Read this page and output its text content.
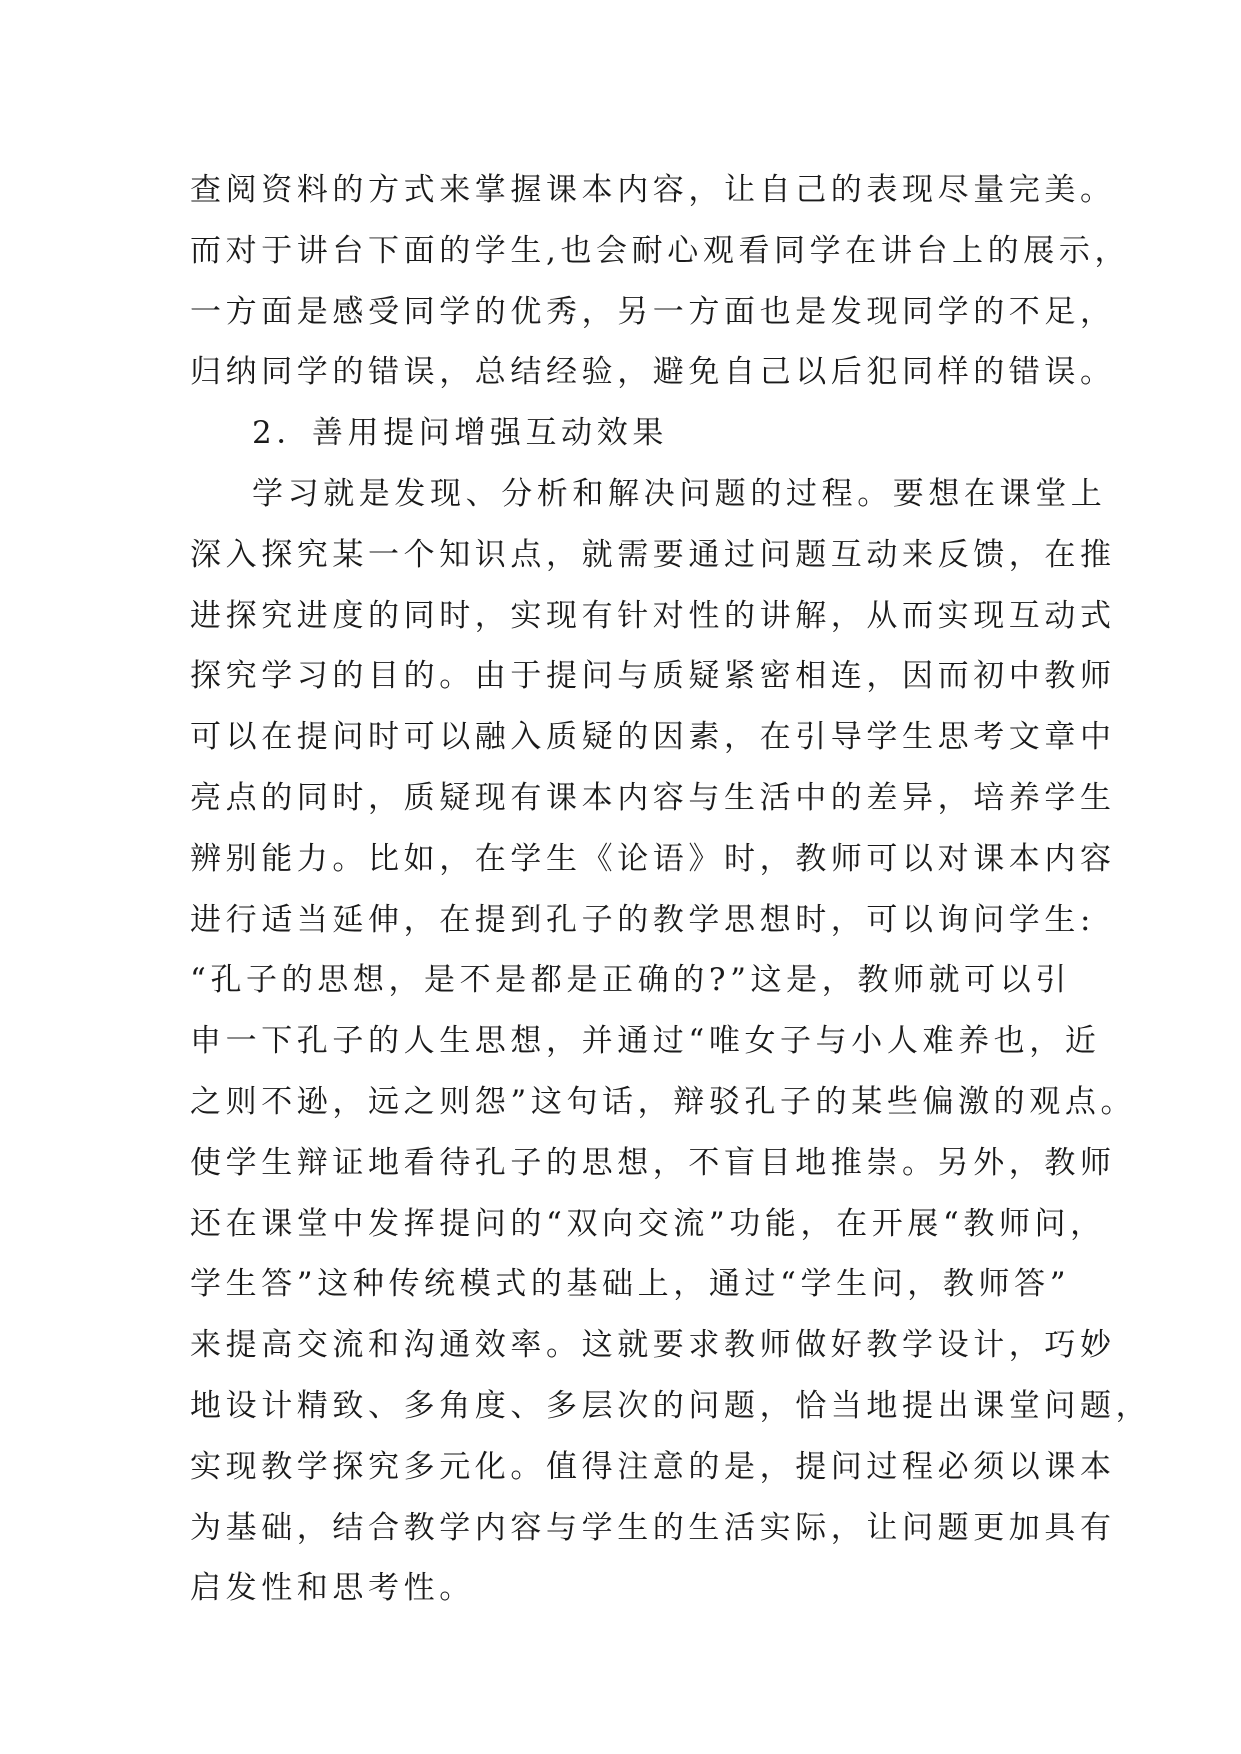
查阅资料的方式来掌握课本内容，让自己的表现尽量完美。
而对于讲台下面的学生,也会耐心观看同学在讲台上的展示，
一方面是感受同学的优秀，另一方面也是发现同学的不足，
归纳同学的错误，总结经验，避免自己以后犯同样的错误。
2．善用提问增强互动效果
学习就是发现、分析和解决问题的过程。要想在课堂上
深入探究某一个知识点，就需要通过问题互动来反馈，在推
进探究进度的同时，实现有针对性的讲解，从而实现互动式
探究学习的目的。由于提问与质疑紧密相连，因而初中教师
可以在提问时可以融入质疑的因素，在引导学生思考文章中
亮点的同时，质疑现有课本内容与生活中的差异，培养学生
辨别能力。比如，在学生《论语》时，教师可以对课本内容
进行适当延伸，在提到孔子的教学思想时，可以询问学生:
“孔子的思想，是不是都是正确的?”这是，教师就可以引
申一下孔子的人生思想，并通过“唯女子与小人难养也，近
之则不逊，远之则怨”这句话，辩驳孔子的某些偏激的观点。
使学生辩证地看待孔子的思想，不盲目地推崇。另外，教师
还在课堂中发挥提问的“双向交流”功能，在开展“教师问，
学生答”这种传统模式的基础上，通过“学生问，教师答”
来提高交流和沟通效率。这就要求教师做好教学设计，巧妙
地设计精致、多角度、多层次的问题，恰当地提出课堂问题，
实现教学探究多元化。值得注意的是，提问过程必须以课本
为基础，结合教学内容与学生的生活实际，让问题更加具有
启发性和思考性。
